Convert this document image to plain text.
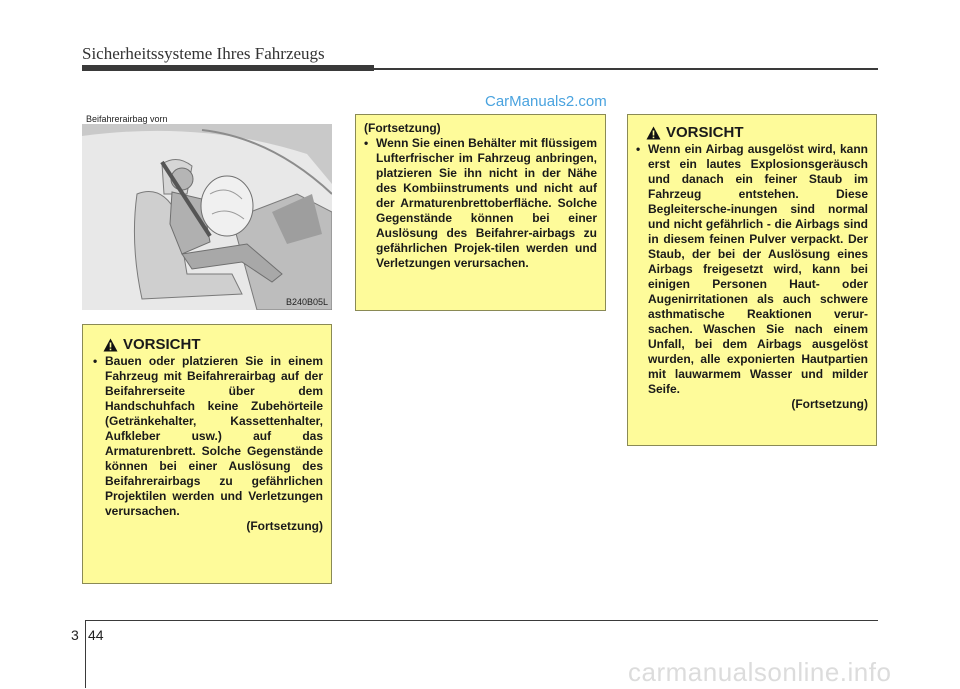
Sicherheitssysteme Ihres Fahrzeugs
CarManuals2.com
Beifahrerairbag vorn
B240B05L
VORSICHT
• Bauen oder platzieren Sie in einem Fahrzeug mit Beifahrerairbag auf der Beifahrerseite über dem Handschuhfach keine Zubehörteile (Getränkehalter, Kassettenhalter, Aufkleber usw.) auf das Armaturenbrett. Solche Gegenstände können bei einer Auslösung des Beifahrerairbags zu gefährlichen Projektilen werden und Verletzungen verursachen.

(Fortsetzung)

(Fortsetzung)

• Wenn Sie einen Behälter mit flüssigem Lufterfrischer im Fahrzeug anbringen, platzieren Sie ihn nicht in der Nähe des Kombiinstruments und nicht auf der Armaturenbrettoberfläche. Solche Gegenstände können bei einer Auslösung des Beifahrer-airbags zu gefährlichen Projek-tilen werden und Verletzungen verursachen.

VORSICHT
• Wenn ein Airbag ausgelöst wird, kann erst ein lautes Explosionsgeräusch und danach ein feiner Staub im Fahrzeug entstehen. Diese Begleitersche-inungen sind normal und nicht gefährlich - die Airbags sind in diesem feinen Pulver verpackt. Der Staub, der bei der Auslösung eines Airbags freigesetzt wird, kann bei einigen Personen Haut- oder Augenirritationen als auch schwere asthmatische Reaktionen verur-sachen. Waschen Sie nach einem Unfall, bei dem Airbags ausgelöst wurden, alle exponierten Hautpartien mit lauwarmem Wasser und milder Seife.

(Fortsetzung)

3 44
carmanualsonline.info
